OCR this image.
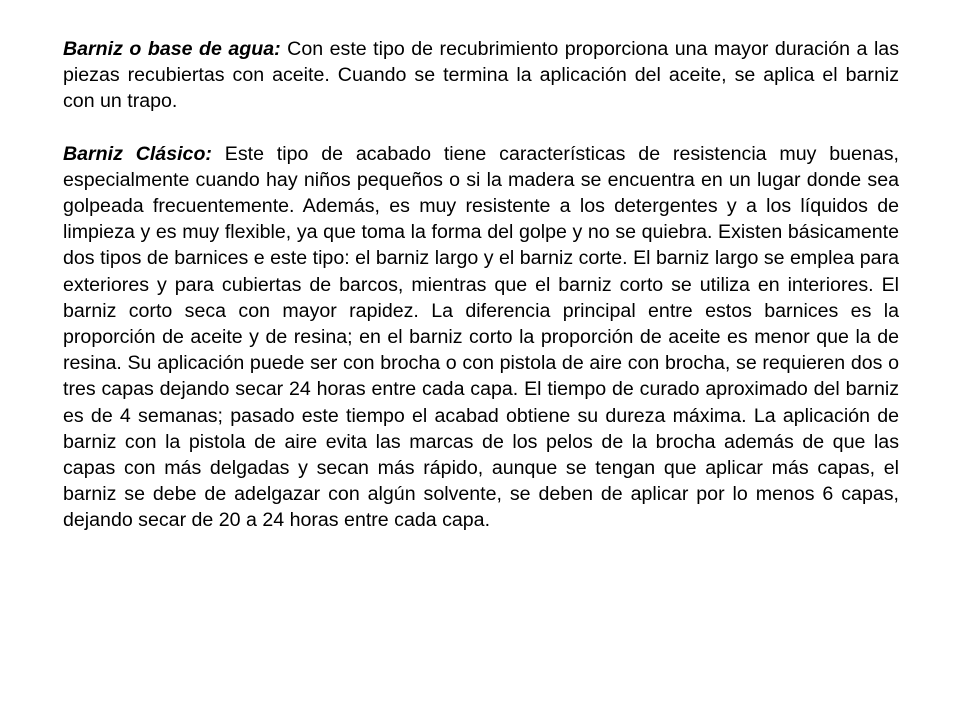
Barniz o base de agua: Con este tipo de recubrimiento proporciona una mayor duración a las piezas recubiertas con aceite. Cuando se termina la aplicación del aceite, se aplica el barniz con un trapo.

Barniz Clásico: Este tipo de acabado tiene características de resistencia muy buenas, especialmente cuando hay niños pequeños o si la madera se encuentra en un lugar donde sea golpeada frecuentemente. Además, es muy resistente a los detergentes y a los líquidos de limpieza y es muy flexible, ya que toma la forma del golpe y no se quiebra. Existen básicamente dos tipos de barnices e este tipo: el barniz largo y el barniz corte. El barniz largo se emplea para exteriores y para cubiertas de barcos, mientras que el barniz corto se utiliza en interiores. El barniz corto seca con mayor rapidez. La diferencia principal entre estos barnices es la proporción de aceite y de resina; en el barniz corto la proporción de aceite es menor que la de resina. Su aplicación puede ser con brocha o con pistola de aire con brocha, se requieren dos o tres capas dejando secar 24 horas entre cada capa. El tiempo de curado aproximado del barniz es de 4 semanas; pasado este tiempo el acabad obtiene su dureza máxima. La aplicación de barniz con la pistola de aire evita las marcas de los pelos de la brocha además de que las capas con más delgadas y secan más rápido, aunque se tengan que aplicar más capas, el barniz se debe de adelgazar con algún solvente, se deben de aplicar por lo menos 6 capas, dejando secar de 20 a 24 horas entre cada capa.
